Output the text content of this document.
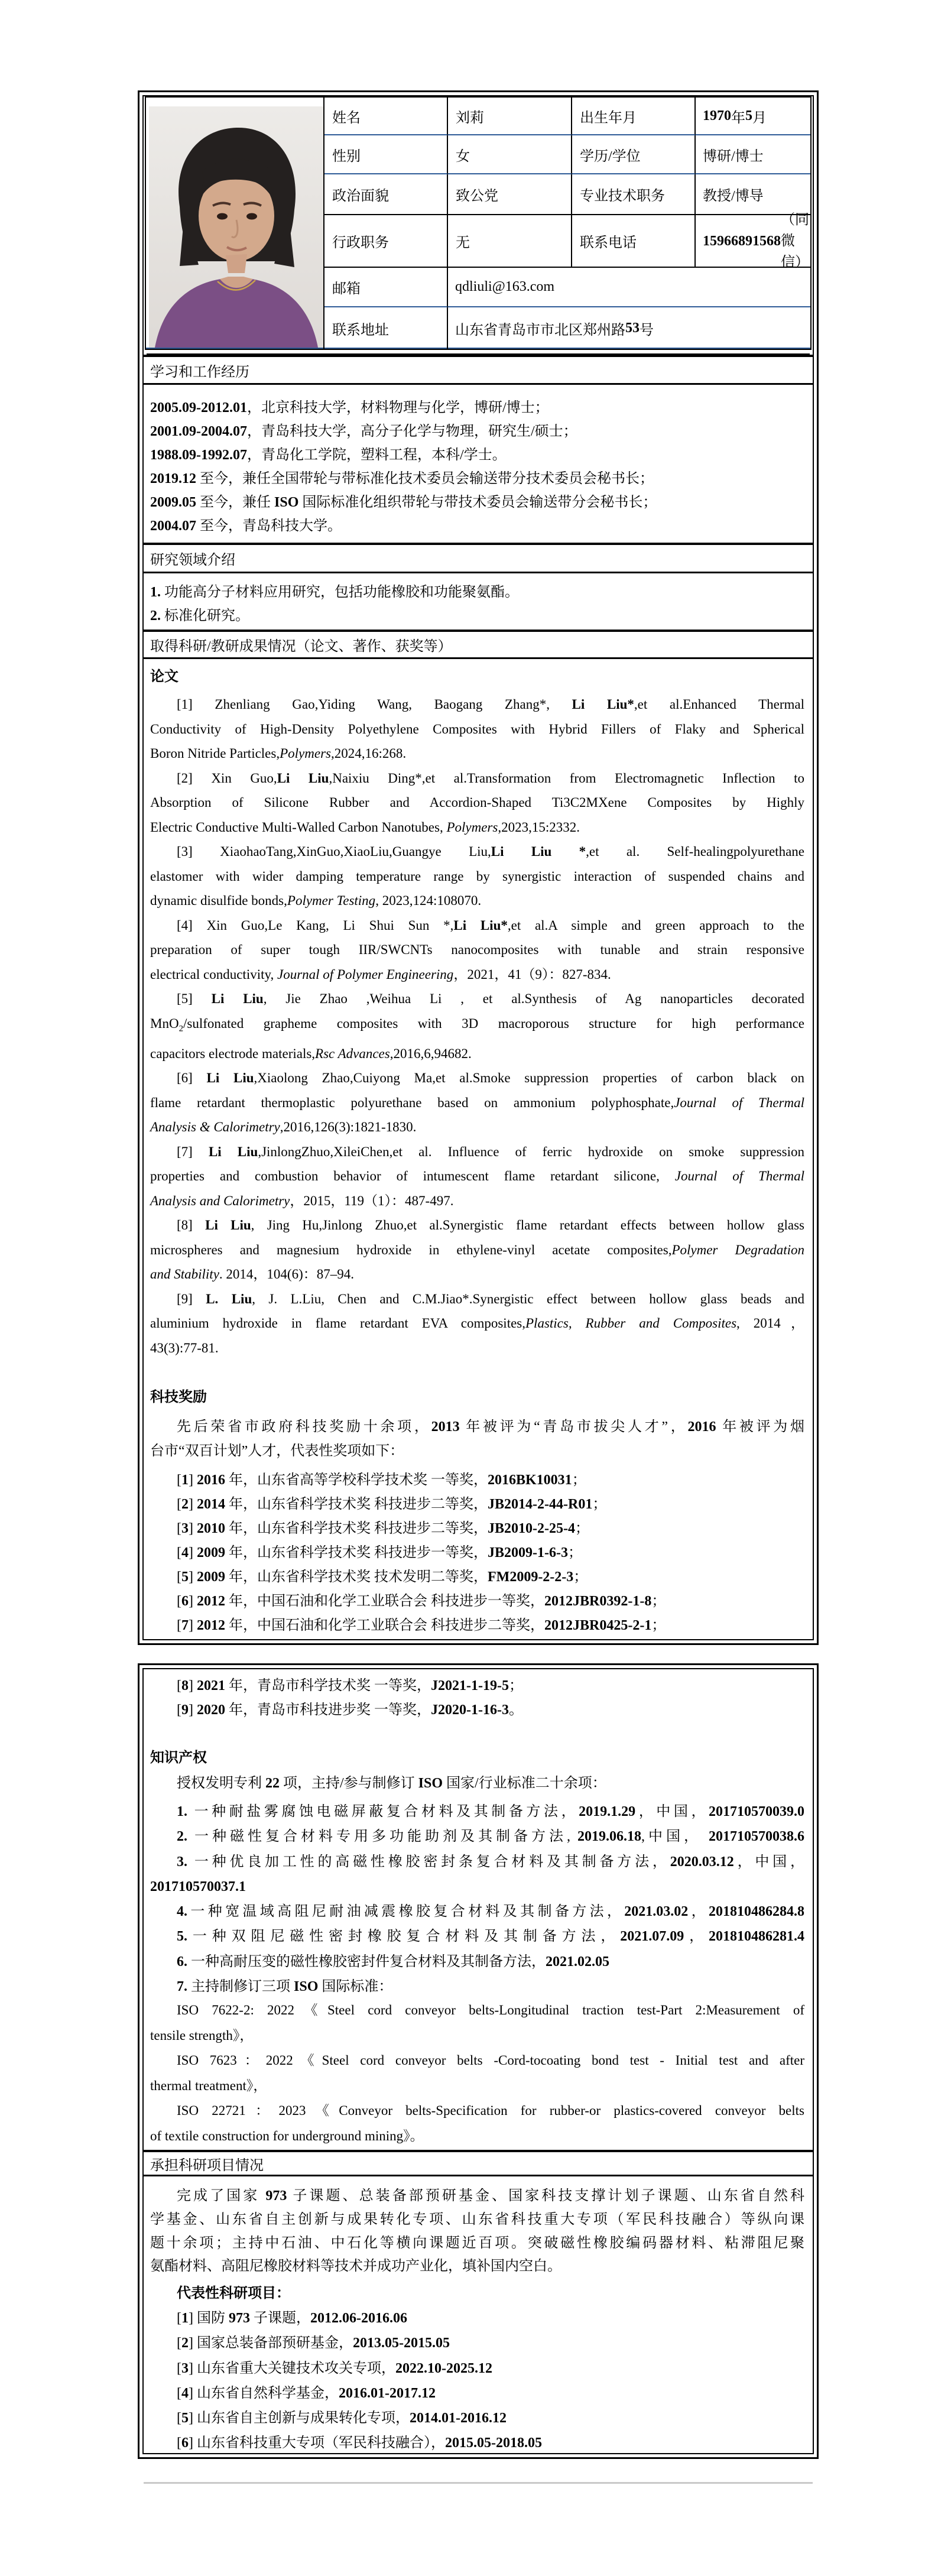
姓名	刘莉	出生年月	1970 年 5 月
性别	女	学历/学位	博研/博士
政治面貌	致公党	专业技术职务	教授/博导
行政职务	无	联系电话	15966891568
（同微信）
邮箱	qdliuli@163.com
联系地址	山东省青岛市市北区郑州路 53 号
学习和工作经历
2005.09-2012.01，北京科技大学，材料物理与化学，博研/博士；
2001.09-2004.07，青岛科技大学，高分子化学与物理，研究生/硕士；
1988.09-1992.07，青岛化工学院，塑料工程，本科/学士。
2019.12 至今，兼任全国带轮与带标准化技术委员会输送带分技术委员会秘书长；
2009.05 至今，兼任 ISO 国际标准化组织带轮与带技术委员会输送带分会秘书长；
2004.07 至今，青岛科技大学。
研究领域介绍
1. 功能高分子材料应用研究，包括功能橡胶和功能聚氨酯。
2. 标准化研究。
取得科研/教研成果情况（论文、著作、获奖等）
论文
[1] Zhenliang Gao,Yiding Wang, Baogang Zhang*, Li Liu*,et al.Enhanced Thermal
Conductivity of High-Density Polyethylene Composites with Hybrid Fillers of Flaky and Spherical
Boron Nitride Particles,Polymers,2024,16:268.
[2] Xin Guo,Li Liu,Naixiu Ding*,et al.Transformation from Electromagnetic Inflection to
Absorption of Silicone Rubber and Accordion-Shaped Ti3C2MXene Composites by Highly
Electric Conductive Multi-Walled Carbon Nanotubes, Polymers,2023,15:2332.
[3] XiaohaoTang,XinGuo,XiaoLiu,Guangye Liu,Li Liu *,et al. Self-healingpolyurethane
elastomer with wider damping temperature range by synergistic interaction of suspended chains and
dynamic disulfide bonds,Polymer Testing, 2023,124:108070.
[4] Xin Guo,Le Kang, Li Shui Sun *,Li Liu*,et al.A simple and green approach to the
preparation of super tough IIR/SWCNTs nanocomposites with tunable and strain responsive
electrical conductivity, Journal of Polymer Engineering，2021，41（9）：827-834.
[5] Li Liu, Jie Zhao ,Weihua Li , et al.Synthesis of Ag nanoparticles decorated
MnO$_2$/sulfonated grapheme composites with 3D macroporous structure for high performance
capacitors electrode materials,Rsc Advances,2016,6,94682.
[6] Li Liu,Xiaolong Zhao,Cuiyong Ma,et al.Smoke suppression properties of carbon black on
flame retardant thermoplastic polyurethane based on ammonium polyphosphate,Journal of Thermal
Analysis & Calorimetry,2016,126(3):1821-1830.
[7] Li Liu,JinlongZhuo,XileiChen,et al. Influence of ferric hydroxide on smoke suppression
properties and combustion behavior of intumescent flame retardant silicone, Journal of Thermal
Analysis and Calorimetry，2015，119（1）：487-497.
[8] Li Liu, Jing Hu,Jinlong Zhuo,et al.Synergistic flame retardant effects between hollow glass
microspheres and magnesium hydroxide in ethylene-vinyl acetate composites,Polymer Degradation
and Stability. 2014，104(6)：87–94.
[9] L. Liu, J. L.Liu, Chen and C.M.Jiao*.Synergistic effect between hollow glass beads and
aluminium hydroxide in flame retardant EVA composites,Plastics, Rubber and Composites, 2014，
43(3):77-81.
科技奖励
先后荣省市政府科技奖励十余项，2013 年被评为“青岛市拔尖人才”，2016 年被评为烟
台市“双百计划”人才，代表性奖项如下：
[1] 2016 年，山东省高等学校科学技术奖 一等奖，2016BK10031；
[2] 2014 年，山东省科学技术奖 科技进步二等奖，JB2014-2-44-R01；
[3] 2010 年，山东省科学技术奖 科技进步二等奖，JB2010-2-25-4；
[4] 2009 年，山东省科学技术奖 科技进步一等奖，JB2009-1-6-3；
[5] 2009 年，山东省科学技术奖 技术发明二等奖，FM2009-2-2-3；
[6] 2012 年，中国石油和化学工业联合会 科技进步一等奖，2012JBR0392-1-8；
[7] 2012 年，中国石油和化学工业联合会 科技进步二等奖，2012JBR0425-2-1；
[8] 2021 年，青岛市科学技术奖 一等奖，J2021-1-19-5；
[9] 2020 年，青岛市科技进步奖 一等奖，J2020-1-16-3。
知识产权
授权发明专利 22 项，主持/参与制修订 ISO 国家/行业标准二十余项：
1. 一种耐盐雾腐蚀电磁屏蔽复合材料及其制备方法，2019.1.29，中国，201710570039.0
2. 一种磁性复合材料专用多功能助剂及其制备方法, 2019.06.18,中国， 201710570038.6
3. 一种优良加工性的高磁性橡胶密封条复合材料及其制备方法，2020.03.12，中国，
201710570037.1
4.一种宽温域高阻尼耐油减震橡胶复合材料及其制备方法，2021.03.02，201810486284.8
5.一种双阻尼磁性密封橡胶复合材料及其制备方法，2021.07.09，201810486281.4
6. 一种高耐压变的磁性橡胶密封件复合材料及其制备方法，2021.02.05
7. 主持制修订三项 ISO 国际标准：
ISO 7622-2: 2022《Steel cord conveyor belts-Longitudinal traction test-Part 2:Measurement of
tensile strength》，
ISO 7623：2022《Steel cord conveyor belts -Cord-tocoating bond test - Initial test and after
thermal treatment》，
ISO 22721：2023《Conveyor belts-Specification for rubber-or plastics-covered conveyor belts
of textile construction for underground mining》。
承担科研项目情况
完成了国家 973 子课题、总装备部预研基金、国家科技支撑计划子课题、山东省自然科
学基金、山东省自主创新与成果转化专项、山东省科技重大专项（军民科技融合）等纵向课
题十余项；主持中石油、中石化等横向课题近百项。突破磁性橡胶编码器材料、粘滞阻尼聚
氨酯材料、高阻尼橡胶材料等技术并成功产业化，填补国内空白。
代表性科研项目：
[1] 国防 973 子课题，2012.06-2016.06
[2] 国家总装备部预研基金，2013.05-2015.05
[3] 山东省重大关键技术攻关专项，2022.10-2025.12
[4] 山东省自然科学基金，2016.01-2017.12
[5] 山东省自主创新与成果转化专项，2014.01-2016.12
[6] 山东省科技重大专项（军民科技融合），2015.05-2018.05
